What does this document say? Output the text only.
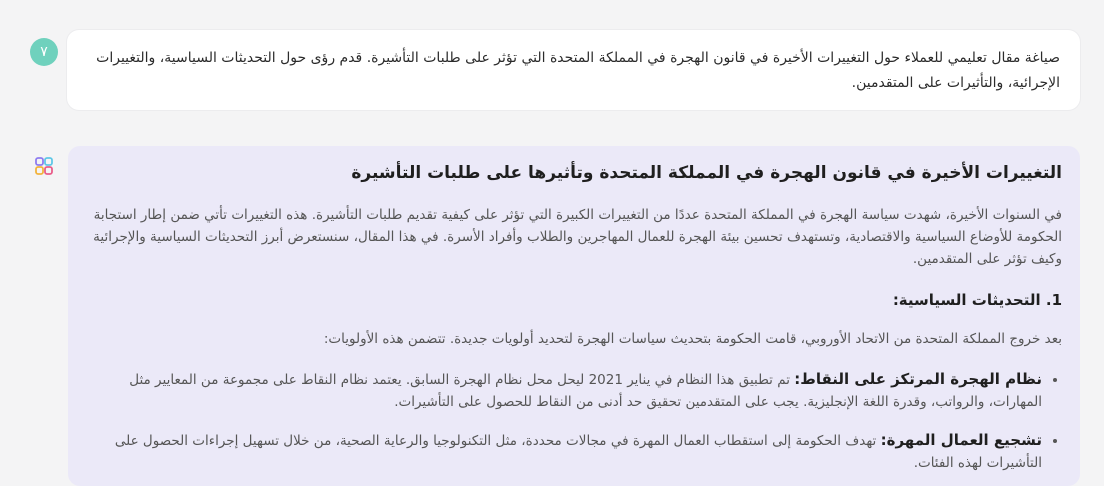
٧	صياغة مقال تعليمي للعملاء حول التغييرات الأخيرة في قانون الهجرة في المملكة المتحدة التي تؤثر على طلبات التأشيرة. قدم رؤى حول التحديثات السياسية، والتغييرات الإجرائية، والتأثيرات على المتقدمين.
التغييرات الأخيرة في قانون الهجرة في المملكة المتحدة وتأثيرها على طلبات التأشيرة

في السنوات الأخيرة، شهدت سياسة الهجرة في المملكة المتحدة عددًا من التغييرات الكبيرة التي تؤثر على كيفية تقديم طلبات التأشيرة. هذه التغييرات تأتي ضمن إطار استجابة الحكومة للأوضاع السياسية والاقتصادية، وتستهدف تحسين بيئة الهجرة للعمال المهاجرين والطلاب وأفراد الأسرة. في هذا المقال، سنستعرض أبرز التحديثات السياسية والإجرائية وكيف تؤثر على المتقدمين.

1. التحديثات السياسية:

بعد خروج المملكة المتحدة من الاتحاد الأوروبي، قامت الحكومة بتحديث سياسات الهجرة لتحديد أولويات جديدة. تتضمن هذه الأولويات:

• نظام الهجرة المرتكز على النقاط: تم تطبيق هذا النظام في يناير 2021 ليحل محل نظام الهجرة السابق. يعتمد نظام النقاط على مجموعة من المعايير مثل المهارات، والرواتب، وقدرة اللغة الإنجليزية. يجب على المتقدمين تحقيق حد أدنى من النقاط للحصول على التأشيرات.
• تشجيع العمال المهرة: تهدف الحكومة إلى استقطاب العمال المهرة في مجالات محددة، مثل التكنولوجيا والرعاية الصحية، من خلال تسهيل إجراءات الحصول على التأشيرات لهذه الفئات.
